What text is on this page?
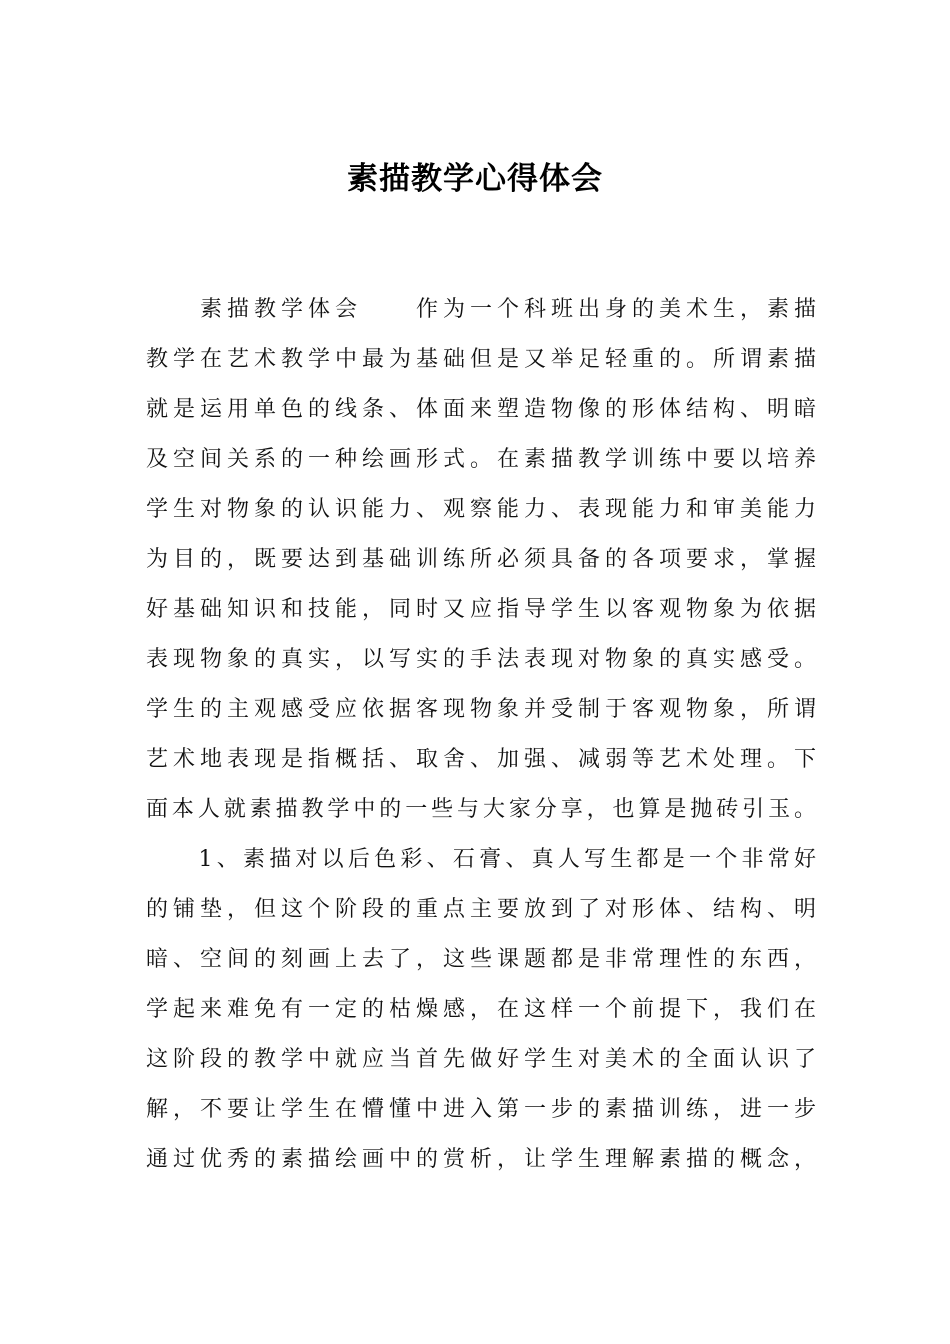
素描教学心得体会
　　素描教学体会　　作为一个科班出身的美术生，素描
教学在艺术教学中最为基础但是又举足轻重的。所谓素描
就是运用单色的线条、体面来塑造物像的形体结构、明暗
及空间关系的一种绘画形式。在素描教学训练中要以培养
学生对物象的认识能力、观察能力、表现能力和审美能力
为目的，既要达到基础训练所必须具备的各项要求，掌握
好基础知识和技能，同时又应指导学生以客观物象为依据
表现物象的真实，以写实的手法表现对物象的真实感受。
学生的主观感受应依据客现物象并受制于客观物象，所谓
艺术地表现是指概括、取舍、加强、减弱等艺术处理。下
面本人就素描教学中的一些与大家分享，也算是抛砖引玉。
　　1、素描对以后色彩、石膏、真人写生都是一个非常好
的铺垫，但这个阶段的重点主要放到了对形体、结构、明
暗、空间的刻画上去了，这些课题都是非常理性的东西，
学起来难免有一定的枯燥感，在这样一个前提下，我们在
这阶段的教学中就应当首先做好学生对美术的全面认识了
解，不要让学生在懵懂中进入第一步的素描训练，进一步
通过优秀的素描绘画中的赏析，让学生理解素描的概念，
